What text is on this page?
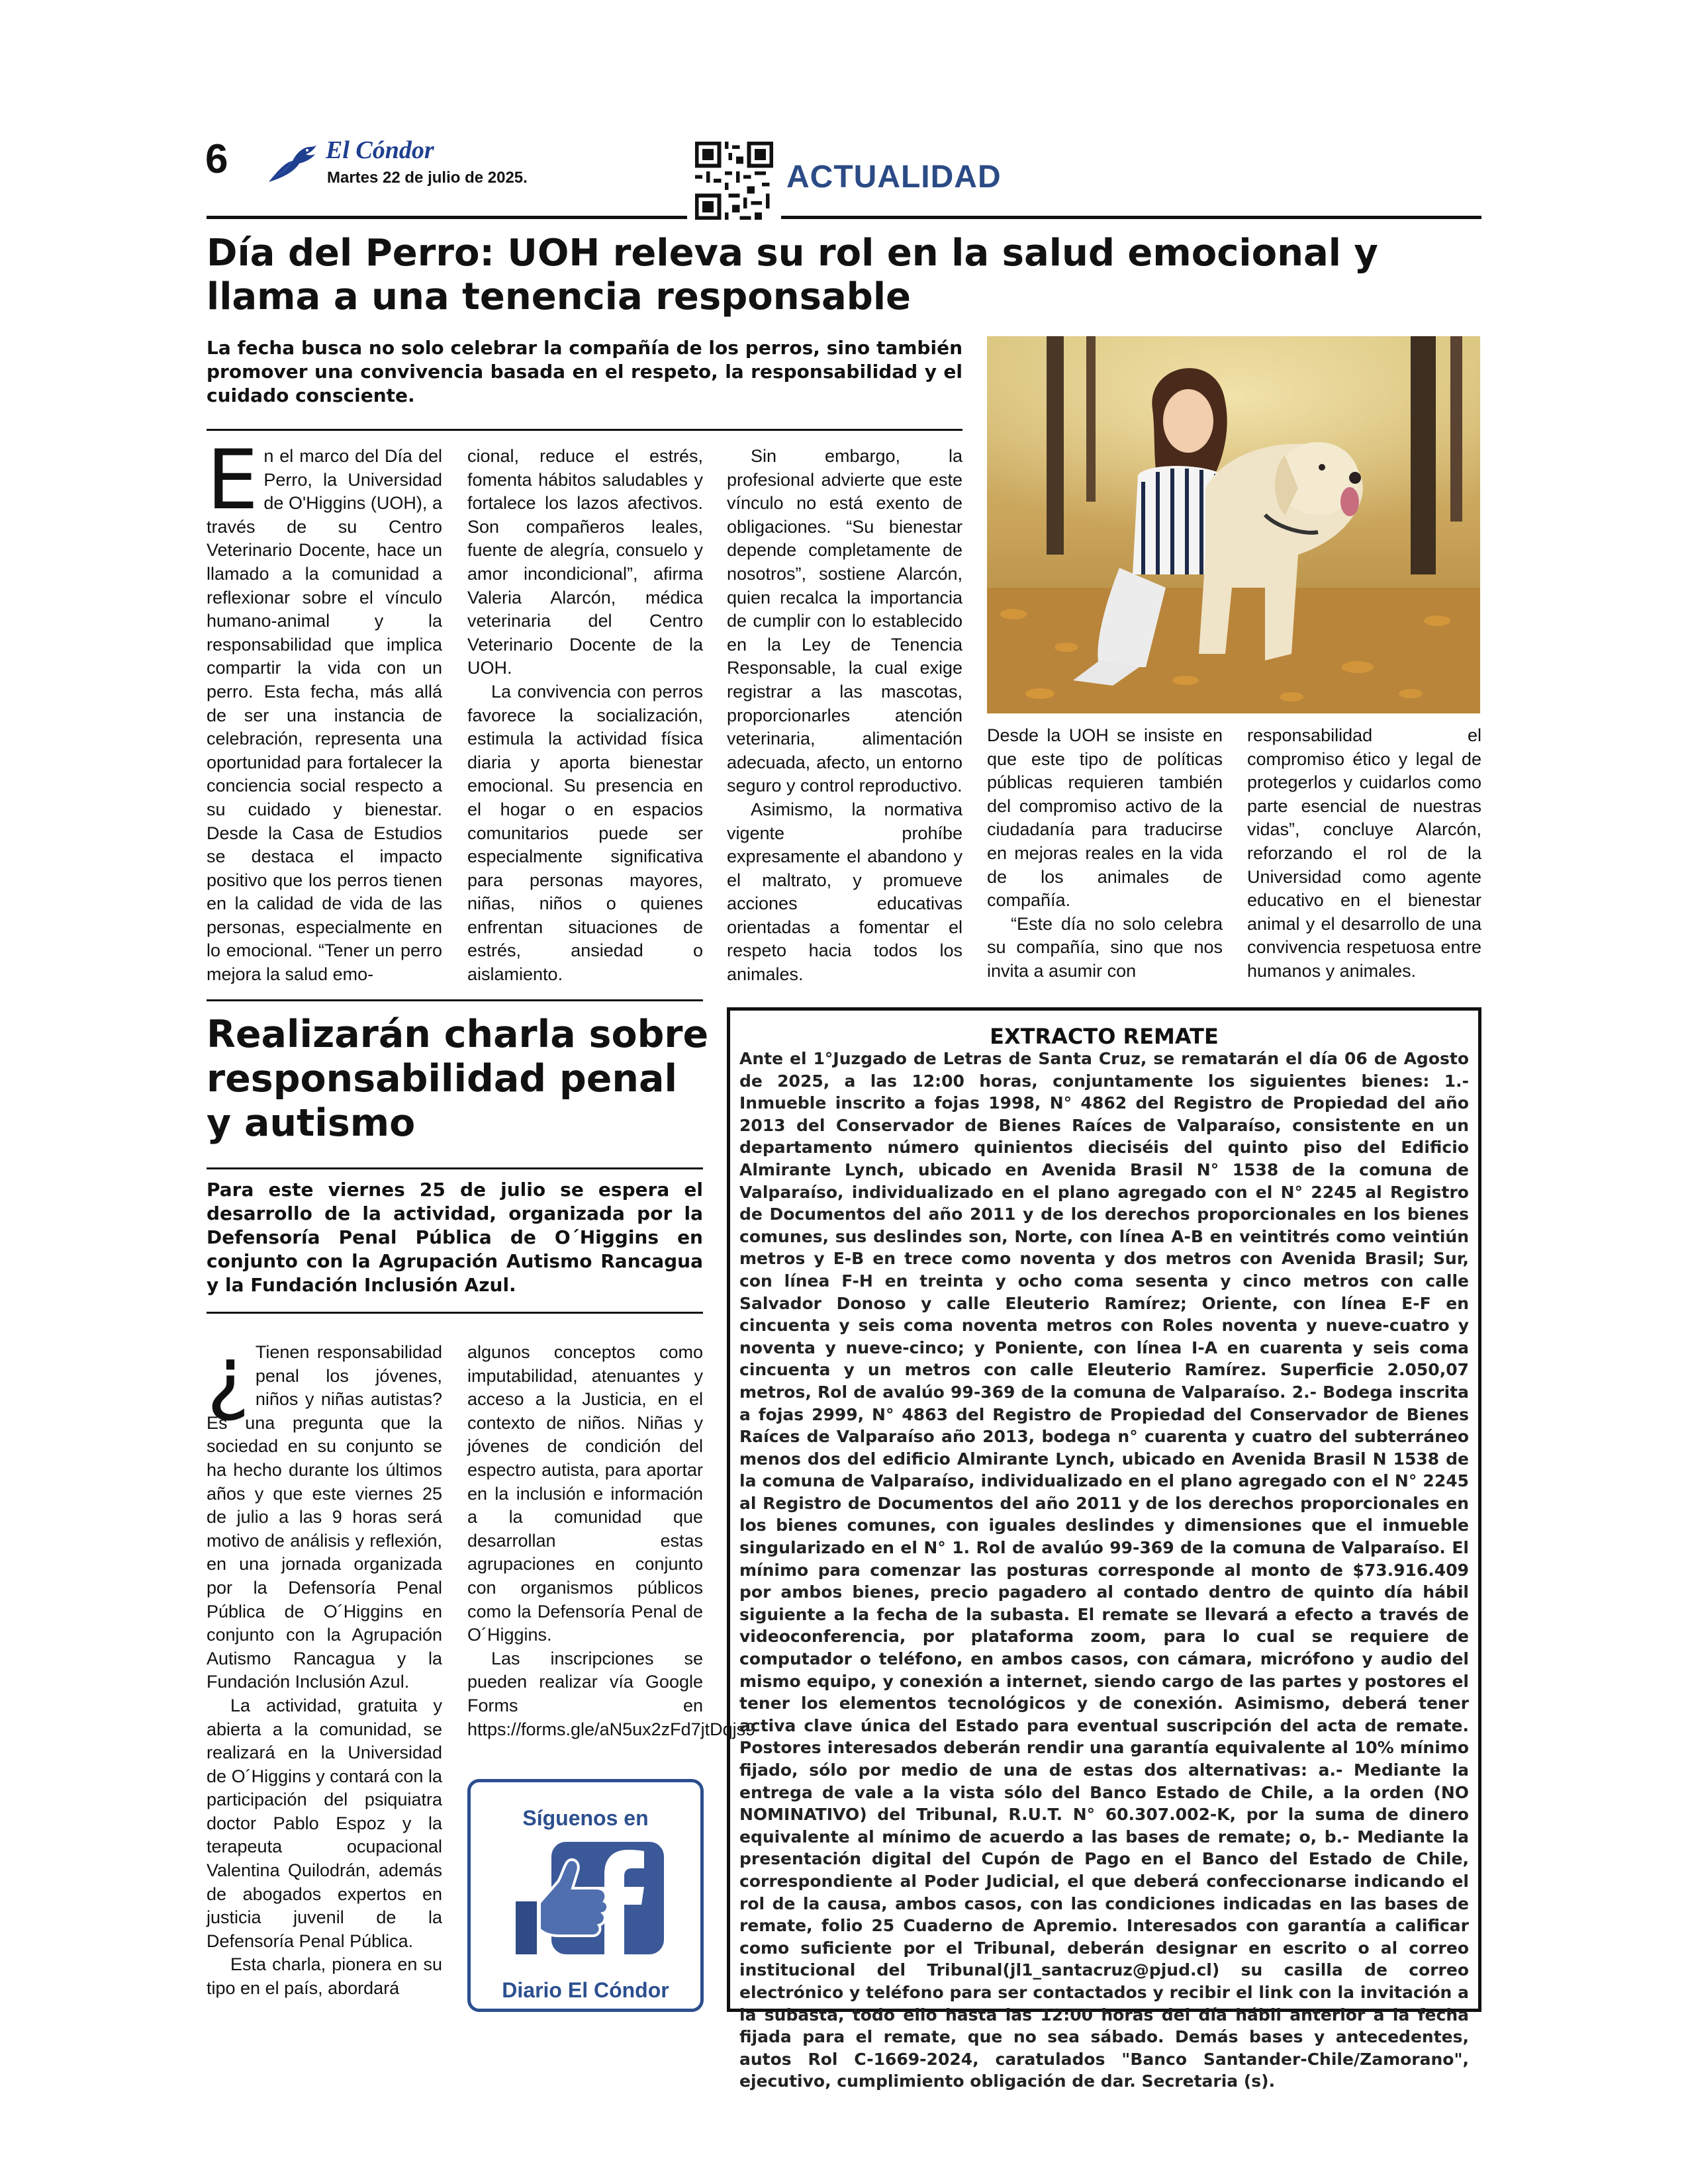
6	El Cóndor
Martes 22 de julio de 2025.	ACTUALIDAD
Día del Perro: UOH releva su rol en la salud emocional y llama a una tenencia responsable
La fecha busca no solo celebrar la compañía de los perros, sino también promover una convivencia basada en el respeto, la responsabilidad y el cuidado consciente.

En el marco del Día del Perro, la Universidad de O'Higgins (UOH), a través de su Centro Veterinario Docente, hace un llamado a la comunidad a reflexionar sobre el vínculo humano-animal y la responsabilidad que implica compartir la vida con un perro. Esta fecha, más allá de ser una instancia de celebración, representa una oportunidad para fortalecer la conciencia social respecto a su cuidado y bienestar. Desde la Casa de Estudios se destaca el impacto positivo que los perros tienen en la calidad de vida de las personas, especialmente en lo emocional. “Tener un perro mejora la salud emo-

cional, reduce el estrés, fomenta hábitos saludables y fortalece los lazos afectivos. Son compañeros leales, fuente de alegría, consuelo y amor incondicional”, afirma Valeria Alarcón, médica veterinaria del Centro Veterinario Docente de la UOH.

La convivencia con perros favorece la socialización, estimula la actividad física diaria y aporta bienestar emocional. Su presencia en el hogar o en espacios comunitarios puede ser especialmente significativa para personas mayores, niñas, niños o quienes enfrentan situaciones de estrés, ansiedad o aislamiento.

Sin embargo, la profesional advierte que este vínculo no está exento de obligaciones. “Su bienestar depende completamente de nosotros”, sostiene Alarcón, quien recalca la importancia de cumplir con lo establecido en la Ley de Tenencia Responsable, la cual exige registrar a las mascotas, proporcionarles atención veterinaria, alimentación adecuada, afecto, un entorno seguro y control reproductivo.

Asimismo, la normativa vigente prohíbe expresamente el abandono y el maltrato, y promueve acciones educativas orientadas a fomentar el respeto hacia todos los animales.

Desde la UOH se insiste en que este tipo de políticas públicas requieren también del compromiso activo de la ciudadanía para traducirse en mejoras reales en la vida de los animales de compañía.

“Este día no solo celebra su compañía, sino que nos invita a asumir con

responsabilidad el compromiso ético y legal de protegerlos y cuidarlos como parte esencial de nuestras vidas”, concluye Alarcón, reforzando el rol de la Universidad como agente educativo en el bienestar animal y el desarrollo de una convivencia respetuosa entre humanos y animales.

Realizarán charla sobre responsabilidad penal y autismo
Para este viernes 25 de julio se espera el desarrollo de la actividad, organizada por la Defensoría Penal Pública de O´Higgins en conjunto con la Agrupación Autismo Rancagua y la Fundación Inclusión Azul.

¿ Tienen responsabilidad penal los jóvenes, niños y niñas autistas? Es una pregunta que la sociedad en su conjunto se ha hecho durante los últimos años y que este viernes 25 de julio a las 9 horas será motivo de análisis y reflexión, en una jornada organizada por la Defensoría Penal Pública de O´Higgins en conjunto con la Agrupación Autismo Rancagua y la Fundación Inclusión Azul.

La actividad, gratuita y abierta a la comunidad, se realizará en la Universidad de O´Higgins y contará con la participación del psiquiatra doctor Pablo Espoz y la terapeuta ocupacional Valentina Quilodrán, además de abogados expertos en justicia juvenil de la Defensoría Penal Pública.

Esta charla, pionera en su tipo en el país, abordará

algunos conceptos como imputabilidad, atenuantes y acceso a la Justicia, en el contexto de niños. Niñas y jóvenes de condición del espectro autista, para aportar en la inclusión e información a la comunidad que desarrollan estas agrupaciones en conjunto con organismos públicos como la Defensoría Penal de O´Higgins.

Las inscripciones se pueden realizar vía Google Forms en https://forms.gle/aN5ux2zFd7jtDqjs9

Síguenos en
Diario El Cóndor
EXTRACTO REMATE
Ante el 1°Juzgado de Letras de Santa Cruz, se rematarán el día 06 de Agosto de 2025, a las 12:00 horas, conjuntamente los siguientes bienes: 1.- Inmueble inscrito a fojas 1998, N° 4862 del Registro de Propiedad del año 2013 del Conservador de Bienes Raíces de Valparaíso, consistente en un departamento número quinientos dieciséis del quinto piso del Edificio Almirante Lynch, ubicado en Avenida Brasil N° 1538 de la comuna de Valparaíso, individualizado en el plano agregado con el N° 2245 al Registro de Documentos del año 2011 y de los derechos proporcionales en los bienes comunes, sus deslindes son, Norte, con línea A-B en veintitrés como veintiún metros y E-B en trece como noventa y dos metros con Avenida Brasil; Sur, con línea F-H en treinta y ocho coma sesenta y cinco metros con calle Salvador Donoso y calle Eleuterio Ramírez; Oriente, con línea E-F en cincuenta y seis coma noventa metros con Roles noventa y nueve-cuatro y noventa y nueve-cinco; y Poniente, con línea I-A en cuarenta y seis coma cincuenta y un metros con calle Eleuterio Ramírez. Superficie 2.050,07 metros, Rol de avalúo 99-369 de la comuna de Valparaíso. 2.- Bodega inscrita a fojas 2999, N° 4863 del Registro de Propiedad del Conservador de Bienes Raíces de Valparaíso año 2013, bodega n° cuarenta y cuatro del subterráneo menos dos del edificio Almirante Lynch, ubicado en Avenida Brasil N 1538 de la comuna de Valparaíso, individualizado en el plano agregado con el N° 2245 al Registro de Documentos del año 2011 y de los derechos proporcionales en los bienes comunes, con iguales deslindes y dimensiones que el inmueble singularizado en el N° 1. Rol de avalúo 99-369 de la comuna de Valparaíso. El mínimo para comenzar las posturas corresponde al monto de $73.916.409 por ambos bienes, precio pagadero al contado dentro de quinto día hábil siguiente a la fecha de la subasta. El remate se llevará a efecto a través de videoconferencia, por plataforma zoom, para lo cual se requiere de computador o teléfono, en ambos casos, con cámara, micrófono y audio del mismo equipo, y conexión a internet, siendo cargo de las partes y postores el tener los elementos tecnológicos y de conexión. Asimismo, deberá tener activa clave única del Estado para eventual suscripción del acta de remate. Postores interesados deberán rendir una garantía equivalente al 10% mínimo fijado, sólo por medio de una de estas dos alternativas: a.- Mediante la entrega de vale a la vista sólo del Banco Estado de Chile, a la orden (NO NOMINATIVO) del Tribunal, R.U.T. N° 60.307.002-K, por la suma de dinero equivalente al mínimo de acuerdo a las bases de remate; o, b.- Mediante la presentación digital del Cupón de Pago en el Banco del Estado de Chile, correspondiente al Poder Judicial, el que deberá confeccionarse indicando el rol de la causa, ambos casos, con las condiciones indicadas en las bases de remate, folio 25 Cuaderno de Apremio. Interesados con garantía a calificar como suficiente por el Tribunal, deberán designar en escrito o al correo institucional del Tribunal(jl1_santacruz@pjud.cl) su casilla de correo electrónico y teléfono para ser contactados y recibir el link con la invitación a la subasta, todo ello hasta las 12:00 horas del día hábil anterior a la fecha fijada para el remate, que no sea sábado. Demás bases y antecedentes, autos Rol C-1669-2024, caratulados "Banco Santander-Chile/Zamorano", ejecutivo, cumplimiento obligación de dar. Secretaria (s).
